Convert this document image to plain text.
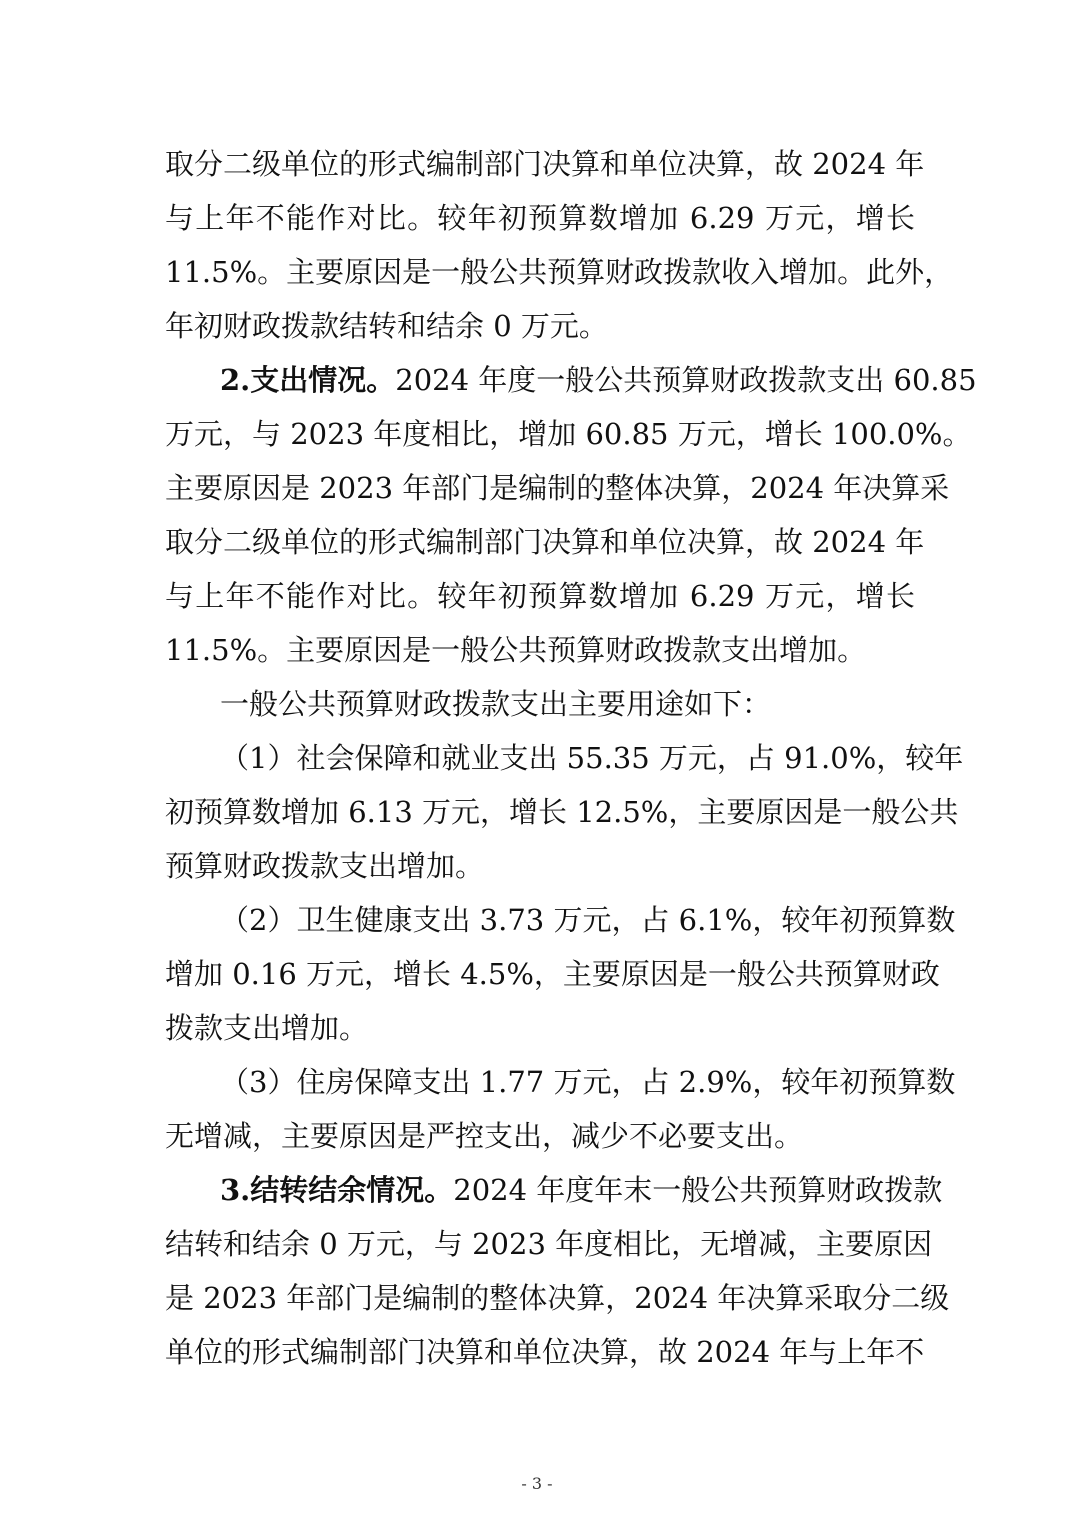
取分二级单位的形式编制部门决算和单位决算，故 2024 年
与上年不能作对比。较年初预算数增加 6.29 万元，增长
11.5%。主要原因是一般公共预算财政拨款收入增加。此外，
年初财政拨款结转和结余 0 万元。
2.支出情况。2024 年度一般公共预算财政拨款支出 60.85
万元，与 2023 年度相比，增加 60.85 万元，增长 100.0%。
主要原因是 2023 年部门是编制的整体决算，2024 年决算采
取分二级单位的形式编制部门决算和单位决算，故 2024 年
与上年不能作对比。较年初预算数增加 6.29 万元，增长
11.5%。主要原因是一般公共预算财政拨款支出增加。
一般公共预算财政拨款支出主要用途如下：
（1）社会保障和就业支出 55.35 万元，占 91.0%，较年
初预算数增加 6.13 万元，增长 12.5%，主要原因是一般公共
预算财政拨款支出增加。
（2）卫生健康支出 3.73 万元，占 6.1%，较年初预算数
增加 0.16 万元，增长 4.5%，主要原因是一般公共预算财政
拨款支出增加。
（3）住房保障支出 1.77 万元，占 2.9%，较年初预算数
无增减，主要原因是严控支出，减少不必要支出。
3.结转结余情况。2024 年度年末一般公共预算财政拨款
结转和结余 0 万元，与 2023 年度相比，无增减，主要原因
是 2023 年部门是编制的整体决算，2024 年决算采取分二级
单位的形式编制部门决算和单位决算，故 2024 年与上年不
- 3 -
